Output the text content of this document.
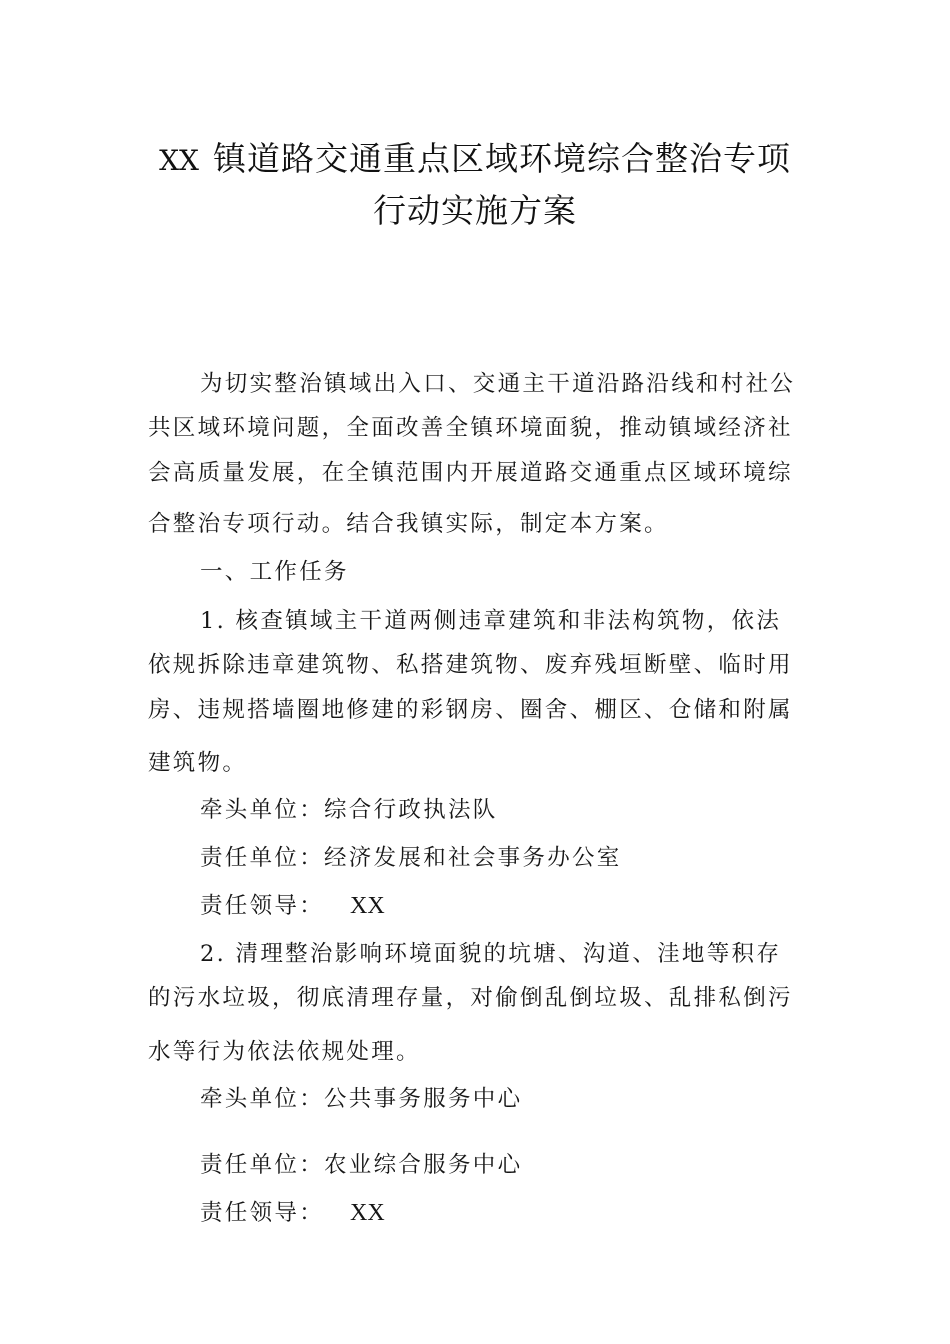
XX 镇道路交通重点区域环境综合整治专项
行动实施方案
为切实整治镇域出入口、交通主干道沿路沿线和村社公
共区域环境问题，全面改善全镇环境面貌，推动镇域经济社
会高质量发展，在全镇范围内开展道路交通重点区域环境综
合整治专项行动。结合我镇实际，制定本方案。
一、工作任务
1. 核查镇域主干道两侧违章建筑和非法构筑物，依法
依规拆除违章建筑物、私搭建筑物、废弃残垣断壁、临时用
房、违规搭墙圈地修建的彩钢房、圈舍、棚区、仓储和附属
建筑物。
牵头单位：综合行政执法队
责任单位：经济发展和社会事务办公室
责任领导： XX
2. 清理整治影响环境面貌的坑塘、沟道、洼地等积存
的污水垃圾，彻底清理存量，对偷倒乱倒垃圾、乱排私倒污
水等行为依法依规处理。
牵头单位：公共事务服务中心
责任单位：农业综合服务中心
责任领导： XX
